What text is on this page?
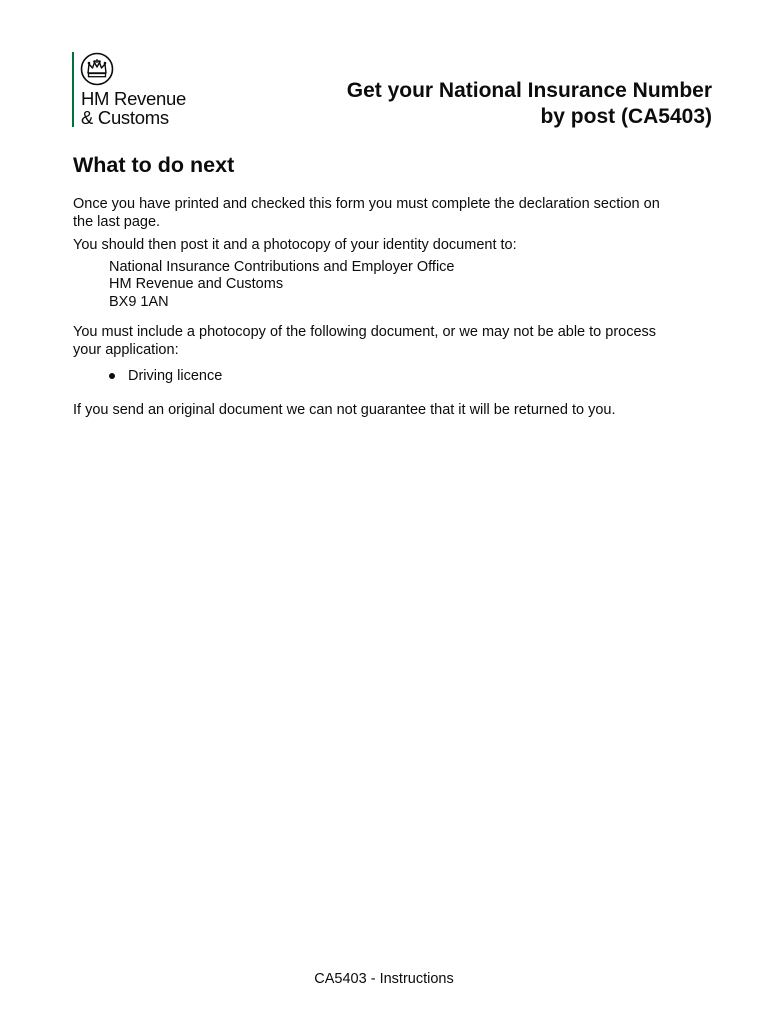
HM Revenue
& Customs
Get your National Insurance Number
by post (CA5403)
What to do next

Once you have printed and checked this form you must complete the declaration section on the last page.

You should then post it and a photocopy of your identity document to:

National Insurance Contributions and Employer Office
HM Revenue and Customs
BX9 1AN

You must include a photocopy of the following document, or we may not be able to process your application:

Driving licence

If you send an original document we can not guarantee that it will be returned to you.

CA5403 - Instructions
